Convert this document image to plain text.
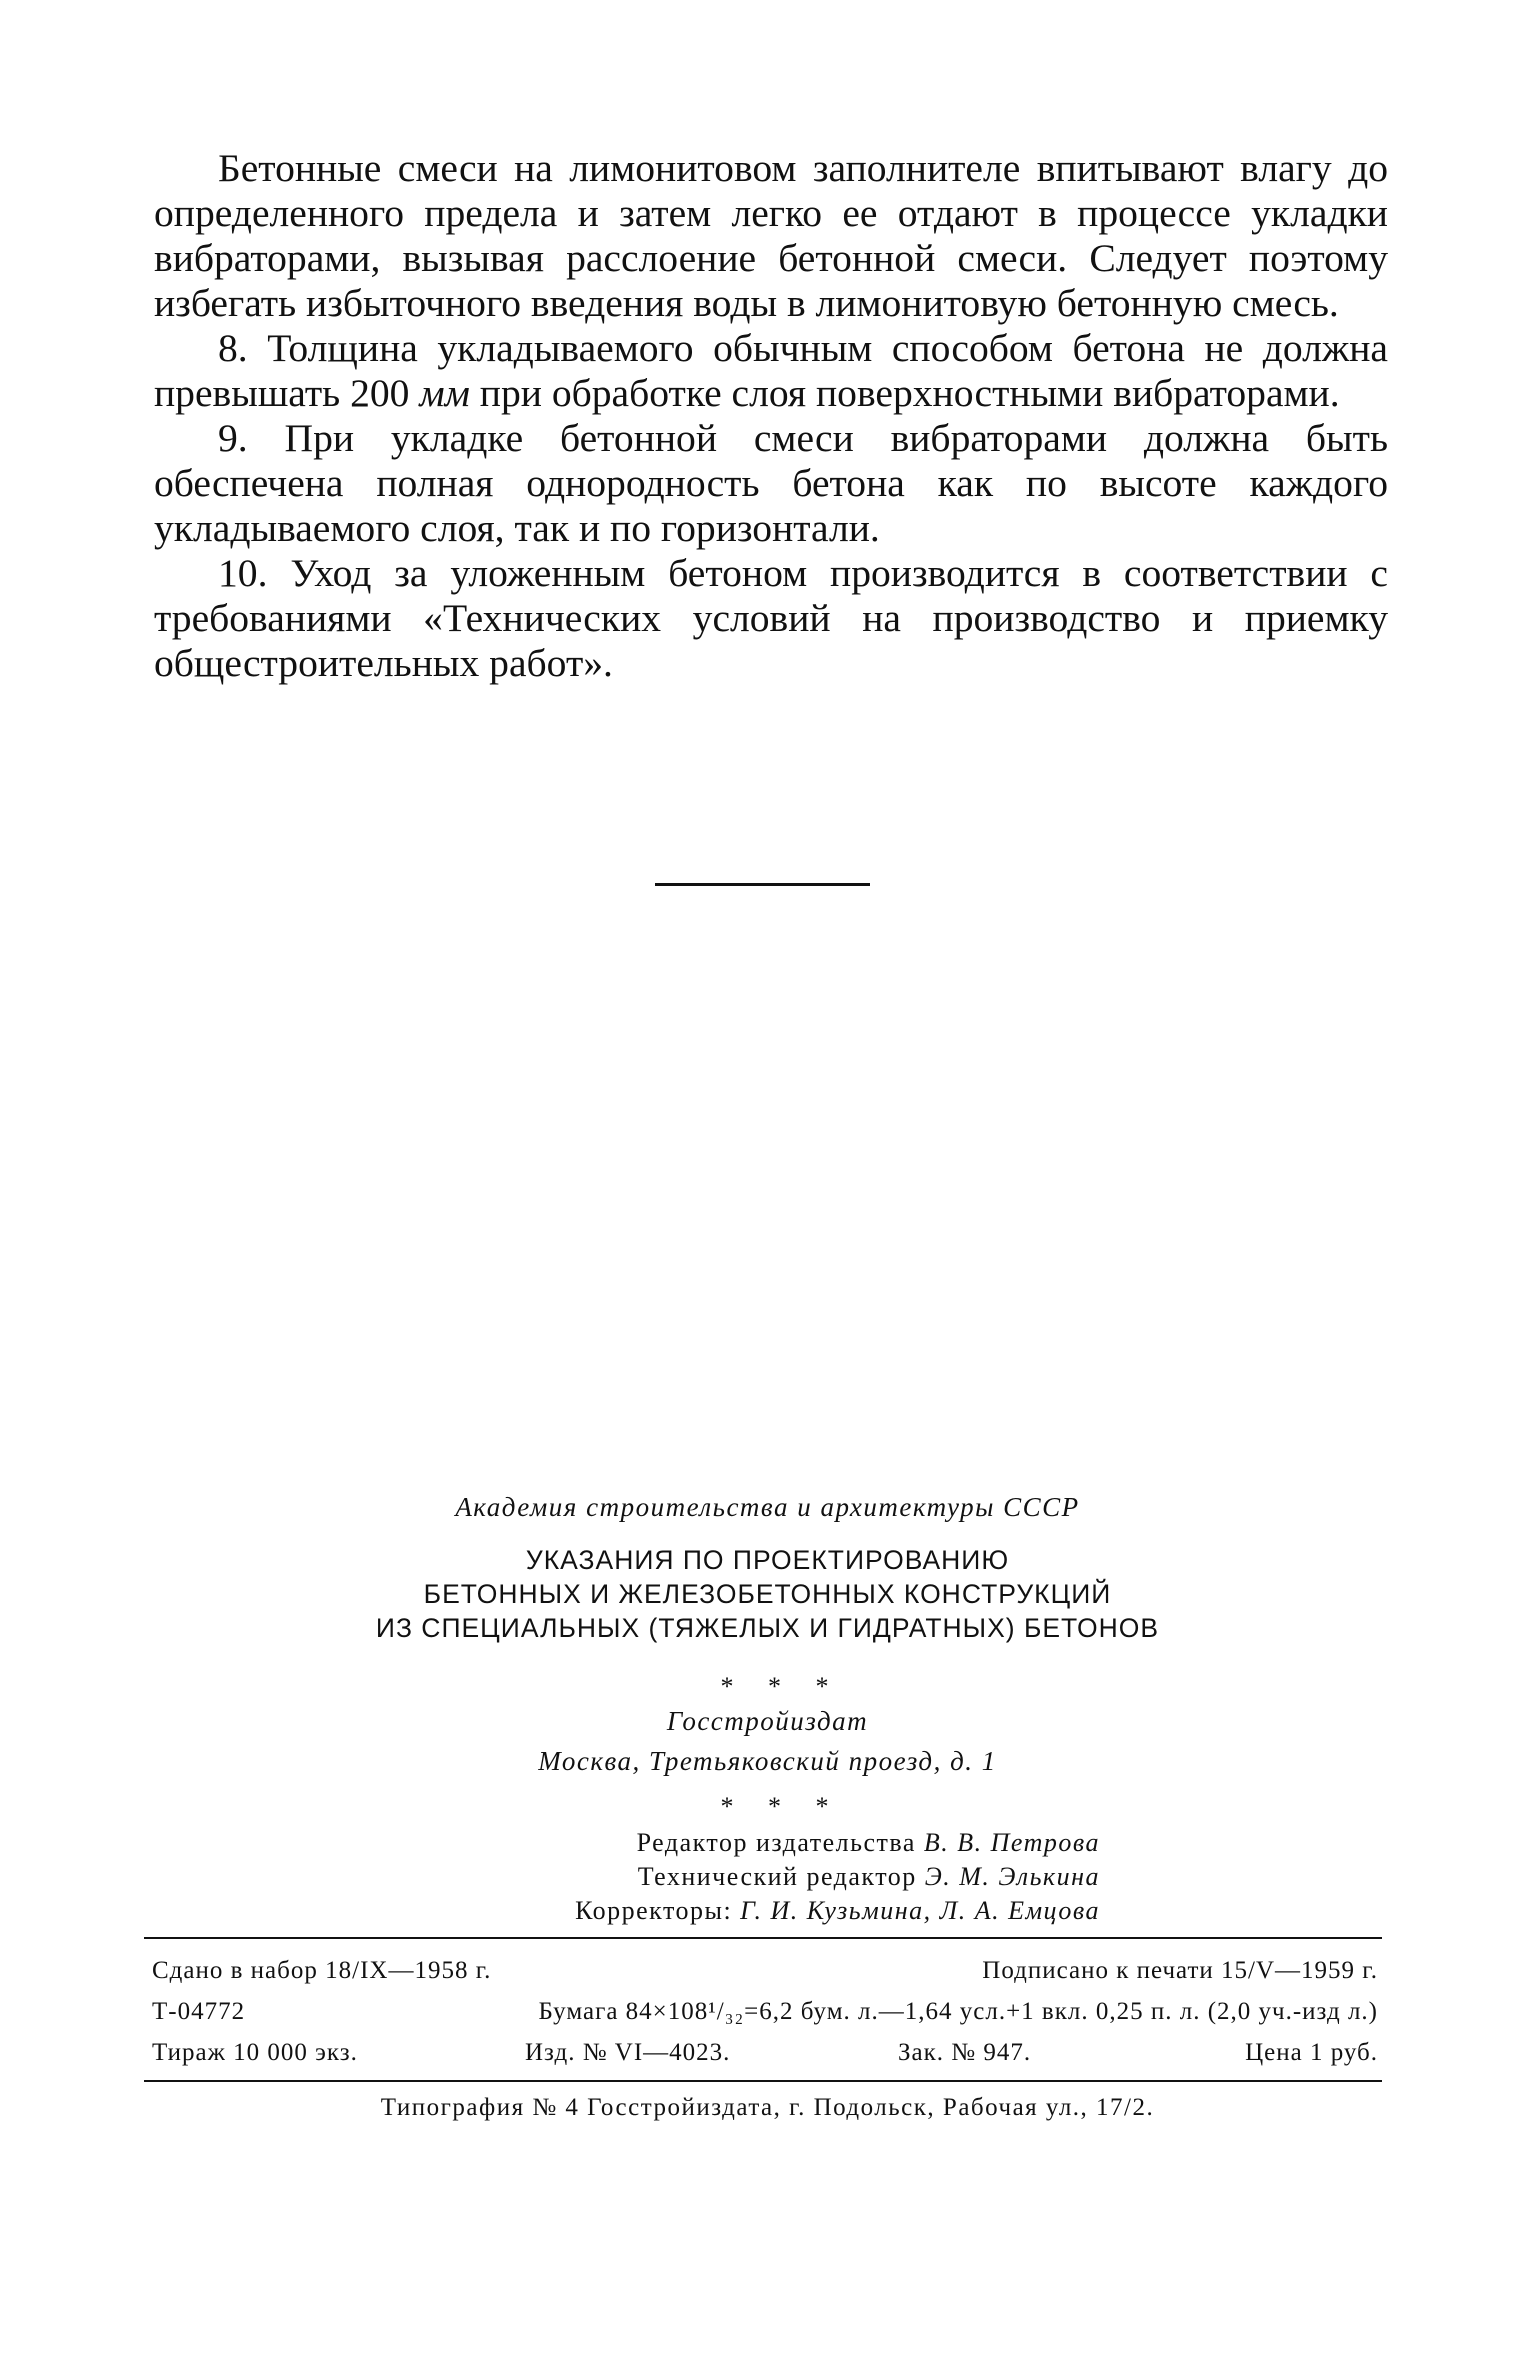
Бетонные смеси на лимонитовом заполнителе впитывают влагу до определенного предела и затем легко ее отдают в процессе укладки вибраторами, вызывая расслоение бетонной смеси. Следует поэтому избегать избыточного введения воды в лимонитовую бетонную смесь.

8. Толщина укладываемого обычным способом бетона не должна превышать 200 мм при обработке слоя поверхностными вибраторами.

9. При укладке бетонной смеси вибраторами должна быть обеспечена полная однородность бетона как по высоте каждого укладываемого слоя, так и по горизонтали.

10. Уход за уложенным бетоном производится в соответствии с требованиями «Технических условий на производство и приемку общестроительных работ».

Академия строительства и архитектуры СССР
УКАЗАНИЯ ПО ПРОЕКТИРОВАНИЮ
БЕТОННЫХ И ЖЕЛЕЗОБЕТОННЫХ КОНСТРУКЦИЙ
ИЗ СПЕЦИАЛЬНЫХ (ТЯЖЕЛЫХ И ГИДРАТНЫХ) БЕТОНОВ
* * *
Госстройиздат
Москва, Третьяковский проезд, д. 1
* * *
Редактор издательства В. В. Петрова
Технический редактор Э. М. Элькина
Корректоры: Г. И. Кузьмина, Л. А. Емцова
Сдано в набор 18/IX—1958 г.	Подписано к печати 15/V—1959 г.
Т-04772	Бумага 84×108¹/₃₂=6,2 бум. л.—1,64 усл.+1 вкл. 0,25 п. л. (2,0 уч.-изд л.)
Тираж 10 000 экз.	Изд. № VI—4023.	Зак. № 947.	Цена 1 руб.
Типография № 4 Госстройиздата, г. Подольск, Рабочая ул., 17/2.
